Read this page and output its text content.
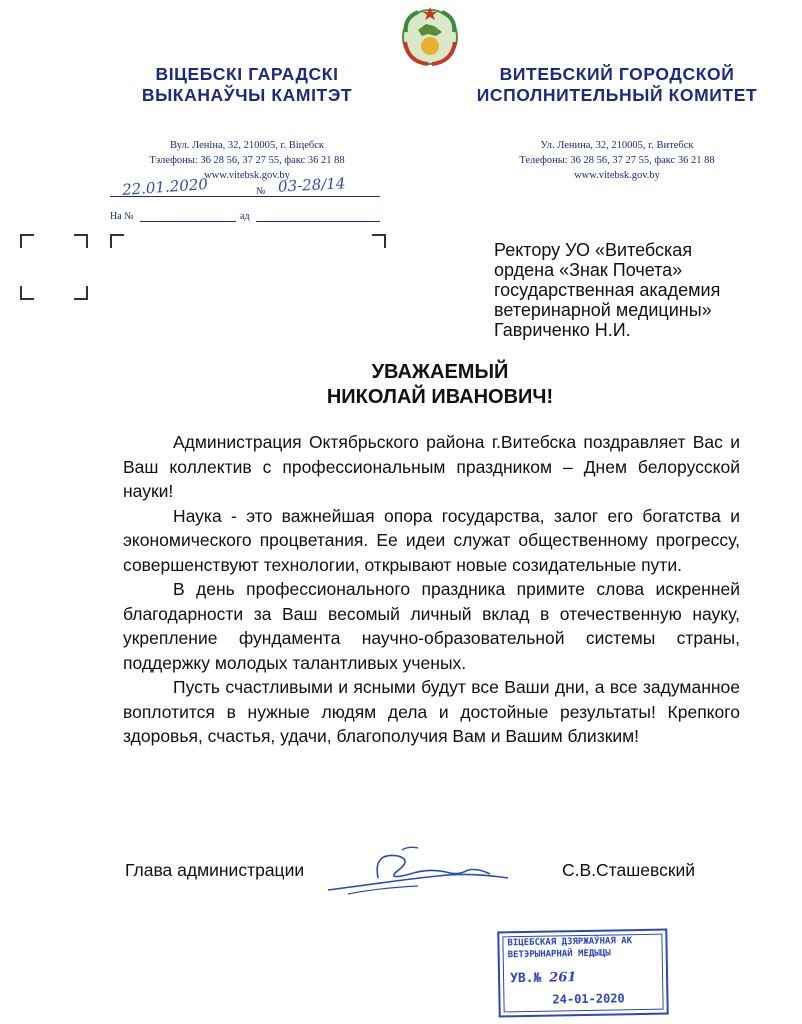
ВІЦЕБСКІ ГАРАДСКІ
ВЫКАНАЎЧЫ КАМІТЭТ
Вул. Леніна, 32, 210005, г. Віцебск
Тэлефоны: 36 28 56, 37 27 55, факс 36 21 88
www.vitebsk.gov.by
ВИТЕБСКИЙ ГОРОДСКОЙ
ИСПОЛНИТЕЛЬНЫЙ КОМИТЕТ
Ул. Ленина, 32, 210005, г. Витебск
Телефоны: 36 28 56, 37 27 55, факс 36 21 88
www.vitebsk.gov.by
22.01.2020	№ 03-28/14
На №	ад
Ректору УО «Витебская
ордена «Знак Почета»
государственная академия
ветеринарной медицины»
Гавриченко Н.И.
УВАЖАЕМЫЙ
НИКОЛАЙ ИВАНОВИЧ!

Администрация Октябрьского района г.Витебска поздравляет Вас и Ваш коллектив с профессиональным праздником – Днем белорусской науки!

Наука - это важнейшая опора государства, залог его богатства и экономического процветания. Ее идеи служат общественному прогрессу, совершенствуют технологии, открывают новые созидательные пути.

В день профессионального праздника примите слова искренней благодарности за Ваш весомый личный вклад в отечественную науку, укрепление фундамента научно-образовательной системы страны, поддержку молодых талантливых ученых.

Пусть счастливыми и ясными будут все Ваши дни, а все задуманное воплотится в нужные людям дела и достойные результаты! Крепкого здоровья, счастья, удачи, благополучия Вам и Вашим близким!

Глава администрации	С.В.Сташевский
ВІЦЕБСКАЯ ДЗЯРЖАЎНАЯ АК
ВЕТЭРЫНАРНАЙ МЕДЫЦЫ
УВ.№ 261
24-01-2020
